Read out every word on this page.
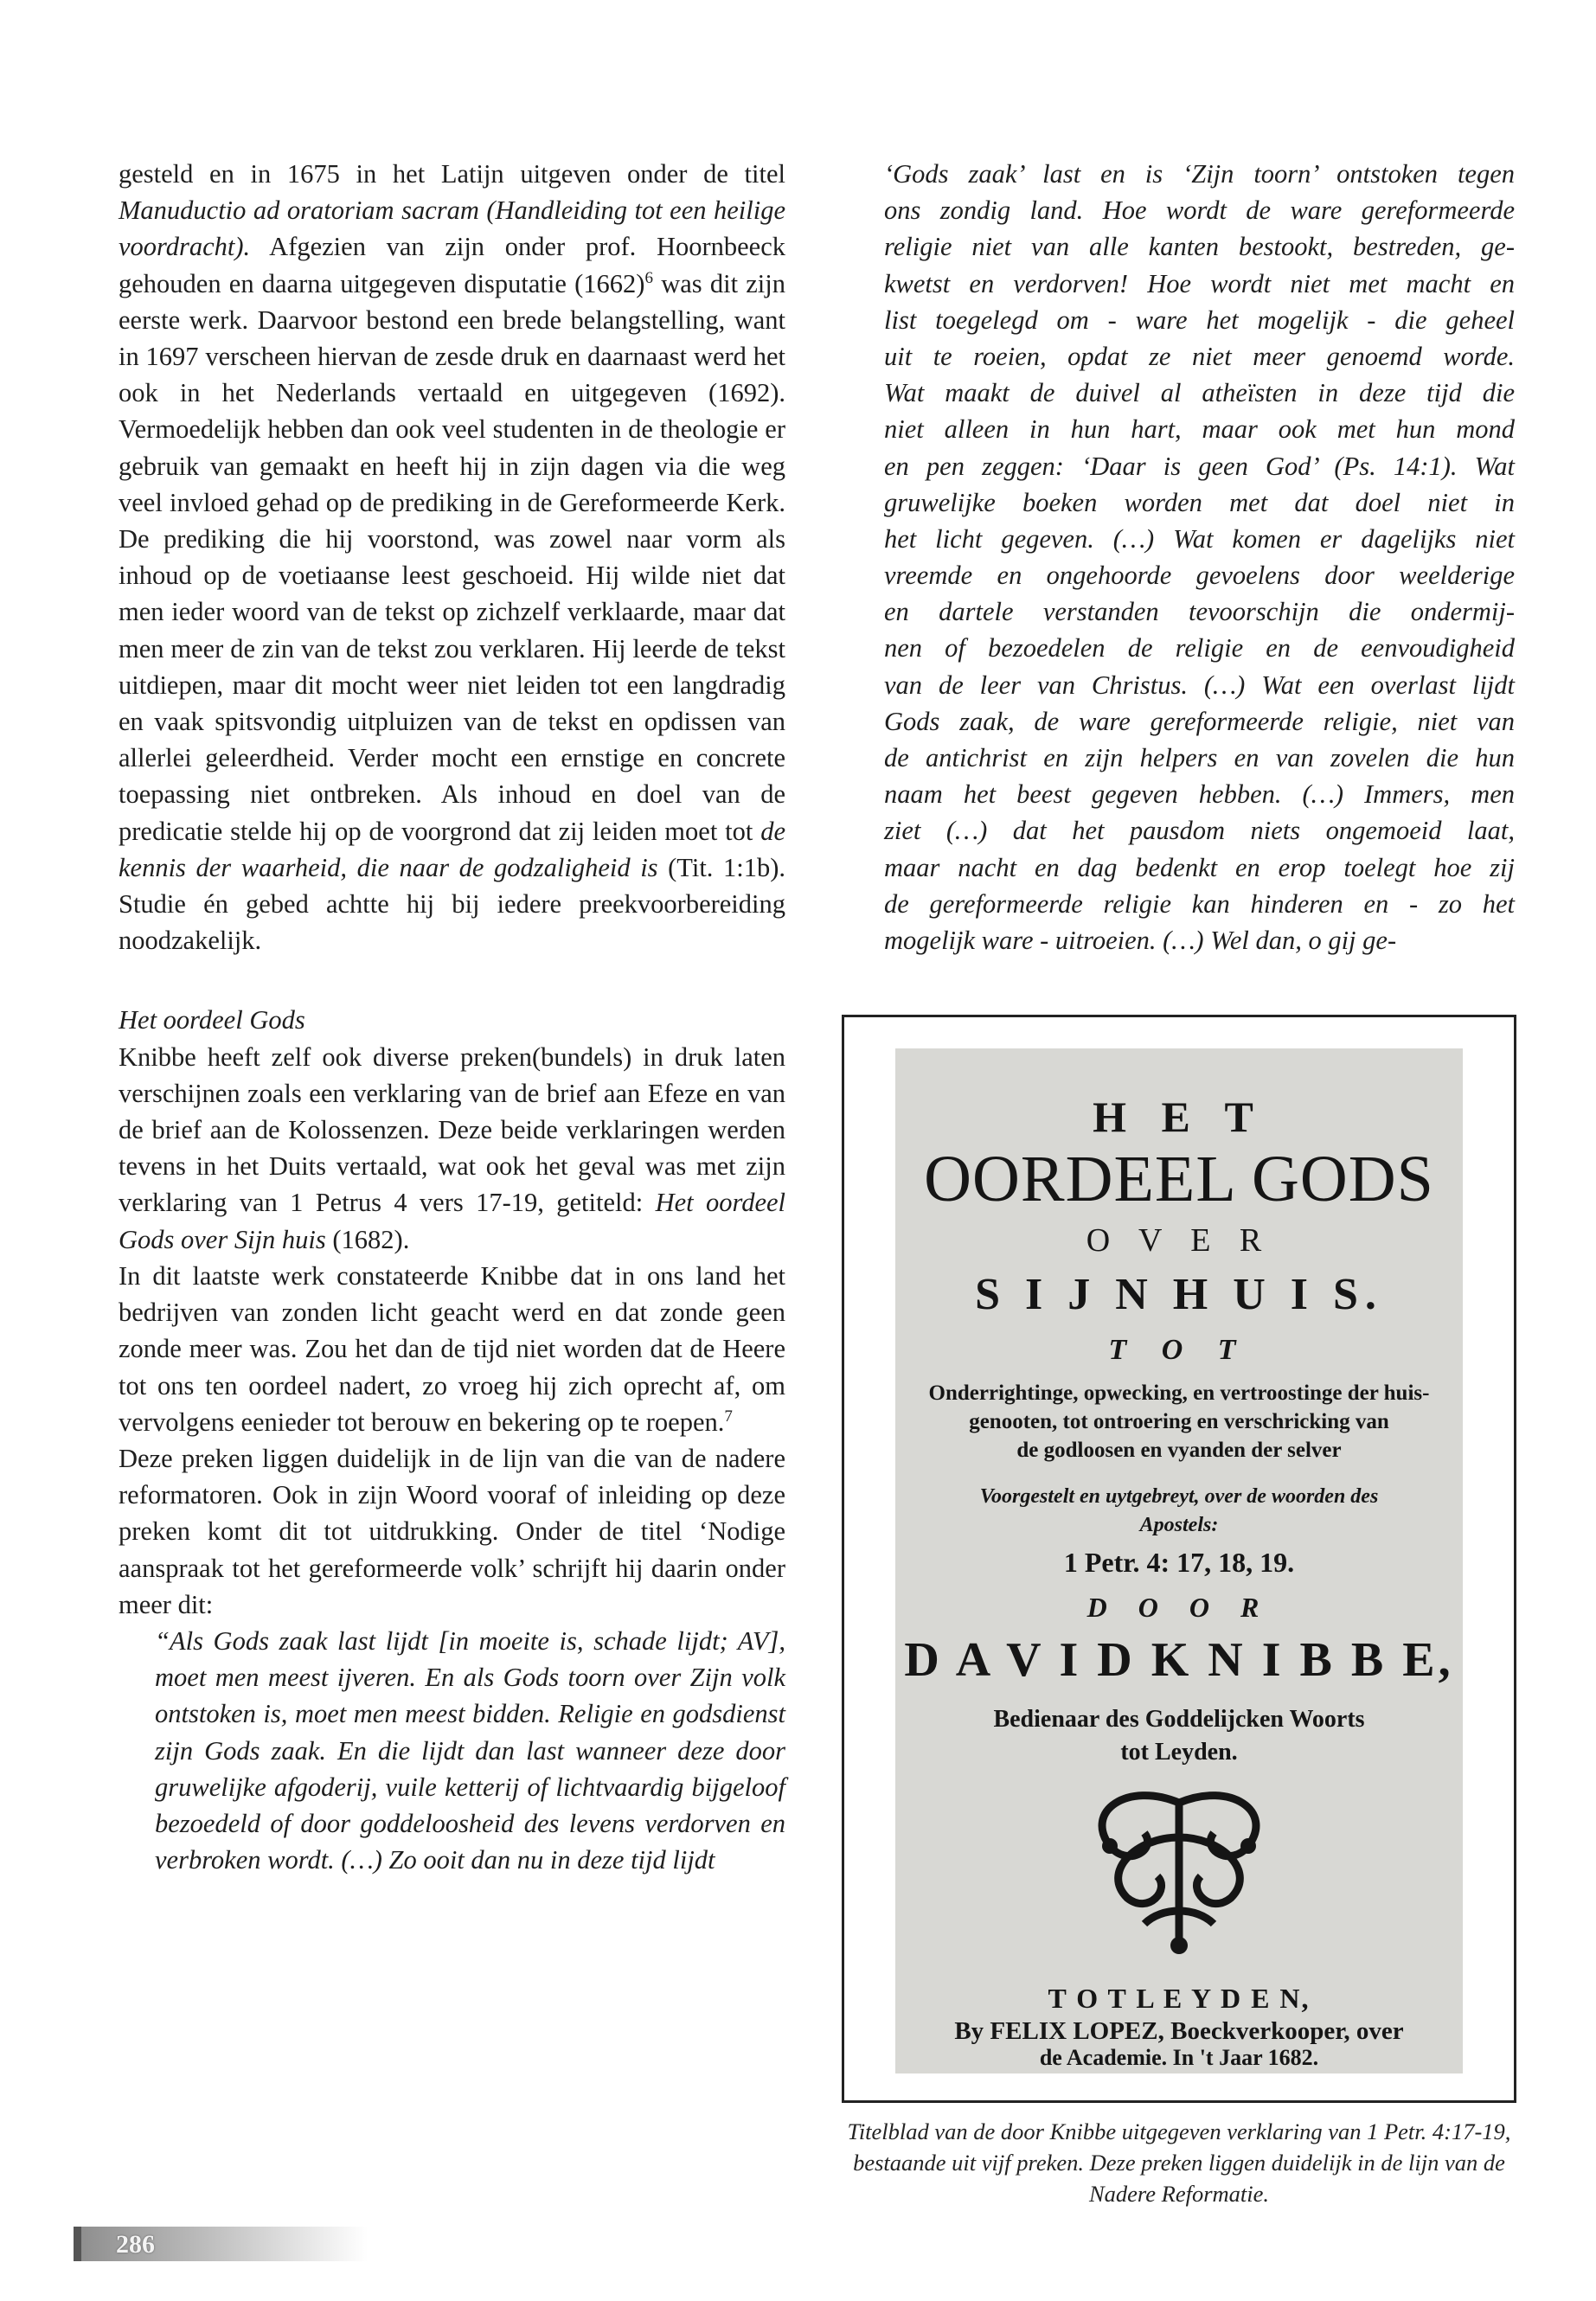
gesteld en in 1675 in het Latijn uitgeven onder de titel Manuductio ad oratoriam sacram (Handleiding tot een heilige voordracht). Afgezien van zijn onder prof. Hoornbeeck gehouden en daarna uitgegeven disputatie $(1662)^6$ was dit zijn eerste werk. Daarvoor bestond een brede belangstelling, want in 1697 verscheen hiervan de zesde druk en daarnaast werd het ook in het Nederlands vertaald en uitgegeven (1692). Vermoedelijk hebben dan ook veel studenten in de theologie er gebruik van gemaakt en heeft hij in zijn dagen via die weg veel invloed gehad op de prediking in de Gereformeerde Kerk. De prediking die hij voorstond, was zowel naar vorm als inhoud op de voetiaanse leest geschoeid. Hij wilde niet dat men ieder woord van de tekst op zichzelf verklaarde, maar dat men meer de zin van de tekst zou verklaren. Hij leerde de tekst uitdiepen, maar dit mocht weer niet leiden tot een langdradig en vaak spitsvondig uitpluizen van de tekst en opdissen van allerlei geleerdheid. Verder mocht een ernstige en concrete toepassing niet ontbreken. Als inhoud en doel van de predicatie stelde hij op de voorgrond dat zij leiden moet tot de kennis der waarheid, die naar de godzaligheid is (Tit. 1:1b). Studie én gebed achtte hij bij iedere preekvoorbereiding noodzakelijk.

Het oordeel Gods

Knibbe heeft zelf ook diverse preken(bundels) in druk laten verschijnen zoals een verklaring van de brief aan Efeze en van de brief aan de Kolossenzen. Deze beide verklaringen werden tevens in het Duits vertaald, wat ook het geval was met zijn verklaring van 1 Petrus 4 vers 17-19, getiteld: Het oordeel Gods over Sijn huis (1682).

In dit laatste werk constateerde Knibbe dat in ons land het bedrijven van zonden licht geacht werd en dat zonde geen zonde meer was. Zou het dan de tijd niet worden dat de Heere tot ons ten oordeel nadert, zo vroeg hij zich oprecht af, om vervolgens eenieder tot berouw en bekering op te roepen.$^7$

Deze preken liggen duidelijk in de lijn van die van de nadere reformatoren. Ook in zijn Woord vooraf of inleiding op deze preken komt dit tot uitdrukking. Onder de titel ‘Nodige aanspraak tot het gereformeerde volk’ schrijft hij daarin onder meer dit:

“Als Gods zaak last lijdt [in moeite is, schade lijdt; AV], moet men meest ijveren. En als Gods toorn over Zijn volk ontstoken is, moet men meest bidden. Religie en godsdienst zijn Gods zaak. En die lijdt dan last wanneer deze door gruwelijke afgoderij, vuile ketterij of lichtvaardig bijgeloof bezoedeld of door goddeloosheid des levens verdorven en verbroken wordt. (…) Zo ooit dan nu in deze tijd lijdt

‘Gods zaak’ last en is ‘Zijn toorn’ ontstoken tegen
ons zondig land. Hoe wordt de ware gereformeerde
religie niet van alle kanten bestookt, bestreden, ge-
kwetst en verdorven! Hoe wordt niet met macht en
list toegelegd om - ware het mogelijk - die geheel
uit te roeien, opdat ze niet meer genoemd worde.
Wat maakt de duivel al atheïsten in deze tijd die
niet alleen in hun hart, maar ook met hun mond
en pen zeggen: ‘Daar is geen God’ (Ps. 14:1). Wat
gruwelijke boeken worden met dat doel niet in
het licht gegeven. (…) Wat komen er dagelijks niet
vreemde en ongehoorde gevoelens door weelderige
en dartele verstanden tevoorschijn die ondermij-
nen of bezoedelen de religie en de eenvoudigheid
van de leer van Christus. (…) Wat een overlast lijdt
Gods zaak, de ware gereformeerde religie, niet van
de antichrist en zijn helpers en van zovelen die hun
naam het beest gegeven hebben. (…) Immers, men
ziet (…) dat het pausdom niets ongemoeid laat,
maar nacht en dag bedenkt en erop toelegt hoe zij
de gereformeerde religie kan hinderen en - zo het
mogelijk ware - uitroeien. (…) Wel dan, o gij ge-
H E T
OORDEEL GODS
O V E R
S I J N H U I S.
T O T
Onderrightinge, opwecking, en vertroostinge der huis-
genooten, tot ontroering en verschricking van
de godloosen en vyanden der selver
Voorgestelt en uytgebreyt, over de woorden des
Apostels:
1 Petr. 4: 17, 18, 19.
D O O R
D A V I D K N I B B E,
Bedienaar des Goddelijcken Woorts
tot Leyden.
T O T L E Y D E N,
By FELIX LOPEZ, Boeckverkooper, over
de Academie. In 't Jaar 1682.
Titelblad van de door Knibbe uitgegeven verklaring van 1 Petr. 4:17-19, bestaande uit vijf preken. Deze preken liggen duidelijk in de lijn van de Nadere Reformatie.
286
